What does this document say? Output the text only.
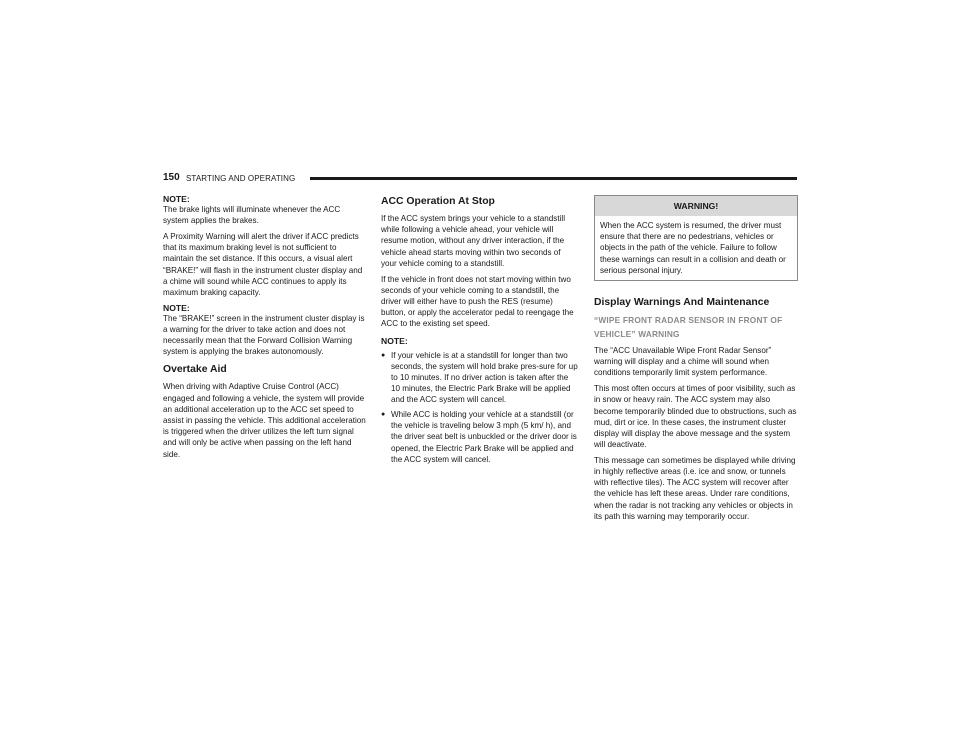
150 STARTING AND OPERATING
NOTE:

The brake lights will illuminate whenever the ACC system applies the brakes.

A Proximity Warning will alert the driver if ACC predicts that its maximum braking level is not sufficient to maintain the set distance. If this occurs, a visual alert “BRAKE!” will flash in the instrument cluster display and a chime will sound while ACC continues to apply its maximum braking capacity.

NOTE:

The “BRAKE!” screen in the instrument cluster display is a warning for the driver to take action and does not necessarily mean that the Forward Collision Warning system is applying the brakes autonomously.

Overtake Aid

When driving with Adaptive Cruise Control (ACC) engaged and following a vehicle, the system will provide an additional acceleration up to the ACC set speed to assist in passing the vehicle. This additional acceleration is triggered when the driver utilizes the left turn signal and will only be active when passing on the left hand side.

ACC Operation At Stop

If the ACC system brings your vehicle to a standstill while following a vehicle ahead, your vehicle will resume motion, without any driver interaction, if the vehicle ahead starts moving within two seconds of your vehicle coming to a standstill.

If the vehicle in front does not start moving within two seconds of your vehicle coming to a standstill, the driver will either have to push the RES (resume) button, or apply the accelerator pedal to reengage the ACC to the existing set speed.

NOTE:
● If your vehicle is at a standstill for longer than two seconds, the system will hold brake pres-sure for up to 10 minutes. If no driver action is taken after the 10 minutes, the Electric Park Brake will be applied and the ACC system will cancel.
● While ACC is holding your vehicle at a standstill (or the vehicle is traveling below 3 mph (5 km/ h), and the driver seat belt is unbuckled or the driver door is opened, the Electric Park Brake will be applied and the ACC system will cancel.
WARNING!

When the ACC system is resumed, the driver must ensure that there are no pedestrians, vehicles or objects in the path of the vehicle. Failure to follow these warnings can result in a collision and death or serious personal injury.

Display Warnings And Maintenance
“WIPE FRONT RADAR SENSOR IN FRONT OF VEHICLE” WARNING

The “ACC Unavailable Wipe Front Radar Sensor” warning will display and a chime will sound when conditions temporarily limit system performance.

This most often occurs at times of poor visibility, such as in snow or heavy rain. The ACC system may also become temporarily blinded due to obstructions, such as mud, dirt or ice. In these cases, the instrument cluster display will display the above message and the system will deactivate.

This message can sometimes be displayed while driving in highly reflective areas (i.e. ice and snow, or tunnels with reflective tiles). The ACC system will recover after the vehicle has left these areas. Under rare conditions, when the radar is not tracking any vehicles or objects in its path this warning may temporarily occur.
